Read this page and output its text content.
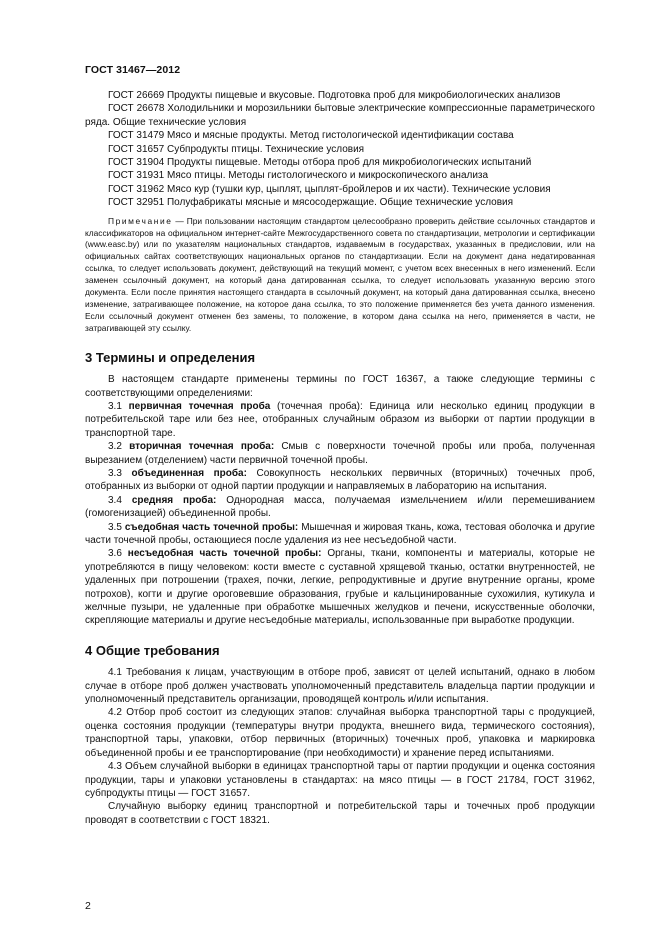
ГОСТ 31467—2012

ГОСТ 26669 Продукты пищевые и вкусовые. Подготовка проб для микробиологических анализов

ГОСТ 26678 Холодильники и морозильники бытовые электрические компрессионные параметрического ряда. Общие технические условия

ГОСТ 31479 Мясо и мясные продукты. Метод гистологической идентификации состава

ГОСТ 31657 Субпродукты птицы. Технические условия

ГОСТ 31904 Продукты пищевые. Методы отбора проб для микробиологических испытаний

ГОСТ 31931 Мясо птицы. Методы гистологического и микроскопического анализа

ГОСТ 31962 Мясо кур (тушки кур, цыплят, цыплят-бройлеров и их части). Технические условия

ГОСТ 32951 Полуфабрикаты мясные и мясосодержащие. Общие технические условия

Примечание — При пользовании настоящим стандартом целесообразно проверить действие ссылочных стандартов и классификаторов на официальном интернет-сайте Межгосударственного совета по стандартизации, метрологии и сертификации (www.easc.by) или по указателям национальных стандартов, издаваемым в государствах, указанных в предисловии, или на официальных сайтах соответствующих национальных органов по стандартизации. Если на документ дана недатированная ссылка, то следует использовать документ, действующий на текущий момент, с учетом всех внесенных в него изменений. Если заменен ссылочный документ, на который дана датированная ссылка, то следует использовать указанную версию этого документа. Если после принятия настоящего стандарта в ссылочный документ, на который дана датированная ссылка, внесено изменение, затрагивающее положение, на которое дана ссылка, то это положение применяется без учета данного изменения. Если ссылочный документ отменен без замены, то положение, в котором дана ссылка на него, применяется в части, не затрагивающей эту ссылку.

3 Термины и определения

В настоящем стандарте применены термины по ГОСТ 16367, а также следующие термины с соответствующими определениями:

3.1 первичная точечная проба (точечная проба): Единица или несколько единиц продукции в потребительской таре или без нее, отобранных случайным образом из выборки от партии продукции в транспортной таре.

3.2 вторичная точечная проба: Смыв с поверхности точечной пробы или проба, полученная вырезанием (отделением) части первичной точечной пробы.

3.3 объединенная проба: Совокупность нескольких первичных (вторичных) точечных проб, отобранных из выборки от одной партии продукции и направляемых в лабораторию на испытания.

3.4 средняя проба: Однородная масса, получаемая измельчением и/или перемешиванием (гомогенизацией) объединенной пробы.

3.5 съедобная часть точечной пробы: Мышечная и жировая ткань, кожа, тестовая оболочка и другие части точечной пробы, остающиеся после удаления из нее несъедобной части.

3.6 несъедобная часть точечной пробы: Органы, ткани, компоненты и материалы, которые не употребляются в пищу человеком: кости вместе с суставной хрящевой тканью, остатки внутренностей, не удаленных при потрошении (трахея, почки, легкие, репродуктивные и другие внутренние органы, кроме потрохов), когти и другие ороговевшие образования, грубые и кальцинированные сухожилия, кутикула и желчные пузыри, не удаленные при обработке мышечных желудков и печени, искусственные оболочки, скрепляющие материалы и другие несъедобные материалы, использованные при выработке продукции.

4 Общие требования

4.1 Требования к лицам, участвующим в отборе проб, зависят от целей испытаний, однако в любом случае в отборе проб должен участвовать уполномоченный представитель владельца партии продукции и уполномоченный представитель организации, проводящей контроль и/или испытания.

4.2 Отбор проб состоит из следующих этапов: случайная выборка транспортной тары с продукцией, оценка состояния продукции (температуры внутри продукта, внешнего вида, термического состояния), транспортной тары, упаковки, отбор первичных (вторичных) точечных проб, упаковка и маркировка объединенной пробы и ее транспортирование (при необходимости) и хранение перед испытаниями.

4.3 Объем случайной выборки в единицах транспортной тары от партии продукции и оценка состояния продукции, тары и упаковки установлены в стандартах: на мясо птицы — в ГОСТ 21784, ГОСТ 31962, субпродукты птицы — ГОСТ 31657.

Случайную выборку единиц транспортной и потребительской тары и точечных проб продукции проводят в соответствии с ГОСТ 18321.

2
